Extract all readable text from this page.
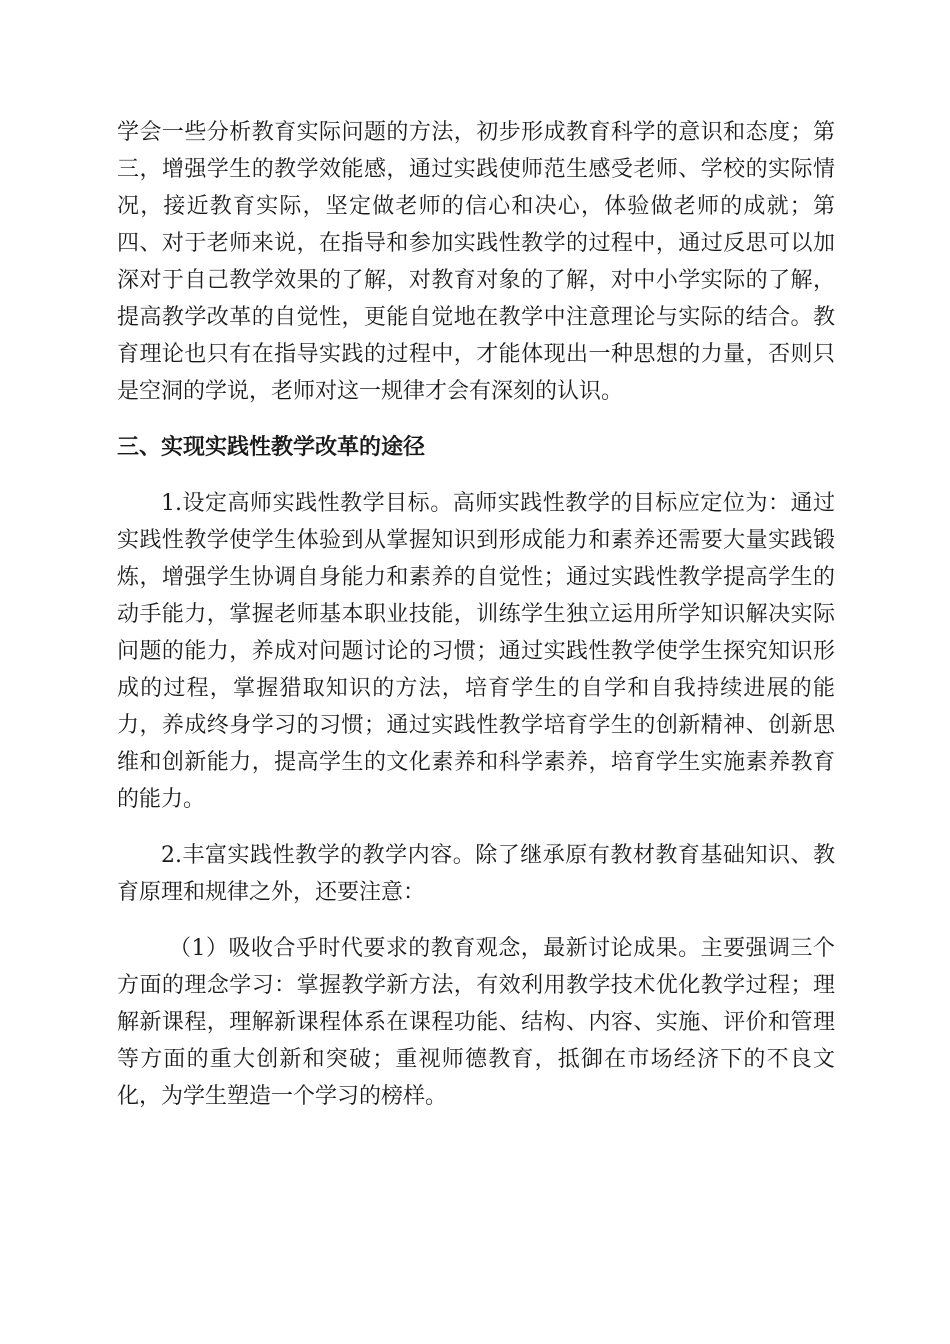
学会一些分析教育实际问题的方法，初步形成教育科学的意识和态度；第
三，增强学生的教学效能感，通过实践使师范生感受老师、学校的实际情
况，接近教育实际，坚定做老师的信心和决心，体验做老师的成就；第
四、对于老师来说，在指导和参加实践性教学的过程中，通过反思可以加
深对于自己教学效果的了解，对教育对象的了解，对中小学实际的了解，
提高教学改革的自觉性，更能自觉地在教学中注意理论与实际的结合。教
育理论也只有在指导实践的过程中，才能体现出一种思想的力量，否则只
是空洞的学说，老师对这一规律才会有深刻的认识。
三、实现实践性教学改革的途径
1.设定高师实践性教学目标。高师实践性教学的目标应定位为：通过
实践性教学使学生体验到从掌握知识到形成能力和素养还需要大量实践锻
炼，增强学生协调自身能力和素养的自觉性；通过实践性教学提高学生的
动手能力，掌握老师基本职业技能，训练学生独立运用所学知识解决实际
问题的能力，养成对问题讨论的习惯；通过实践性教学使学生探究知识形
成的过程，掌握猎取知识的方法，培育学生的自学和自我持续进展的能
力，养成终身学习的习惯；通过实践性教学培育学生的创新精神、创新思
维和创新能力，提高学生的文化素养和科学素养，培育学生实施素养教育
的能力。
2.丰富实践性教学的教学内容。除了继承原有教材教育基础知识、教
育原理和规律之外，还要注意：
（1）吸收合乎时代要求的教育观念，最新讨论成果。主要强调三个
方面的理念学习：掌握教学新方法，有效利用教学技术优化教学过程；理
解新课程，理解新课程体系在课程功能、结构、内容、实施、评价和管理
等方面的重大创新和突破；重视师德教育，抵御在市场经济下的不良文
化，为学生塑造一个学习的榜样。
